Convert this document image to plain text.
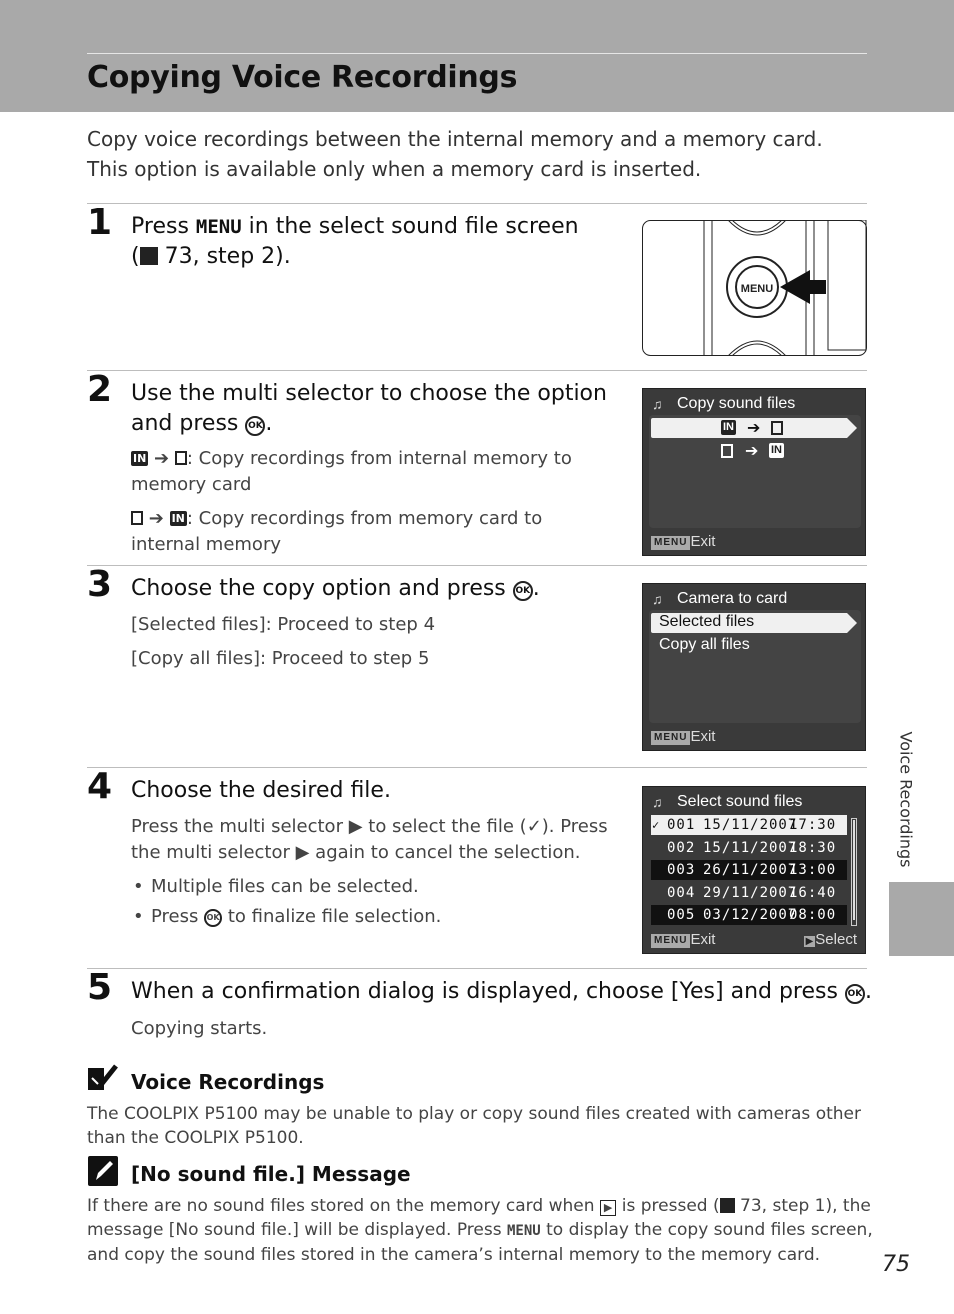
Copying Voice Recordings
Copy voice recordings between the internal memory and a memory card.
This option is available only when a memory card is inserted.
1 Press MENU in the select sound file screen
( 73, step 2).
MENU
2 Use the multi selector to choose the option
and press OK .

IN ➔ : Copy recordings from internal memory to memory card

➔ IN : Copy recordings from memory card to internal memory

♫ Copy sound files
IN ➔
➔ IN
MENU Exit
3 Choose the copy option and press OK .

[Selected files]: Proceed to step 4

[Copy all files]: Proceed to step 5

♫ Camera to card
Selected files
Copy all files
MENU Exit
4 Choose the desired file.

Press the multi selector ▶ to select the file (✓). Press the multi selector ▶ again to cancel the selection.

• Multiple files can be selected.
• Press OK to finalize file selection.
♫ Select sound files
✓ 001 15/11/2007
17:30
002 15/11/2007
18:30
003 26/11/2007
13:00
004 29/11/2007
16:40
005 03/12/2007
08:00
MENU Exit	▶ Select
5 When a confirmation dialog is displayed, choose [Yes] and press OK .
Copying starts.
Voice Recordings
The COOLPIX P5100 may be unable to play or copy sound files created with cameras other than the COOLPIX P5100.
[No sound file.] Message
If there are no sound files stored on the memory card when ▶ is pressed ( 73, step 1), the message [No sound file.] will be displayed. Press MENU to display the copy sound files screen, and copy the sound files stored in the camera’s internal memory to the memory card.
Voice Recordings
75
